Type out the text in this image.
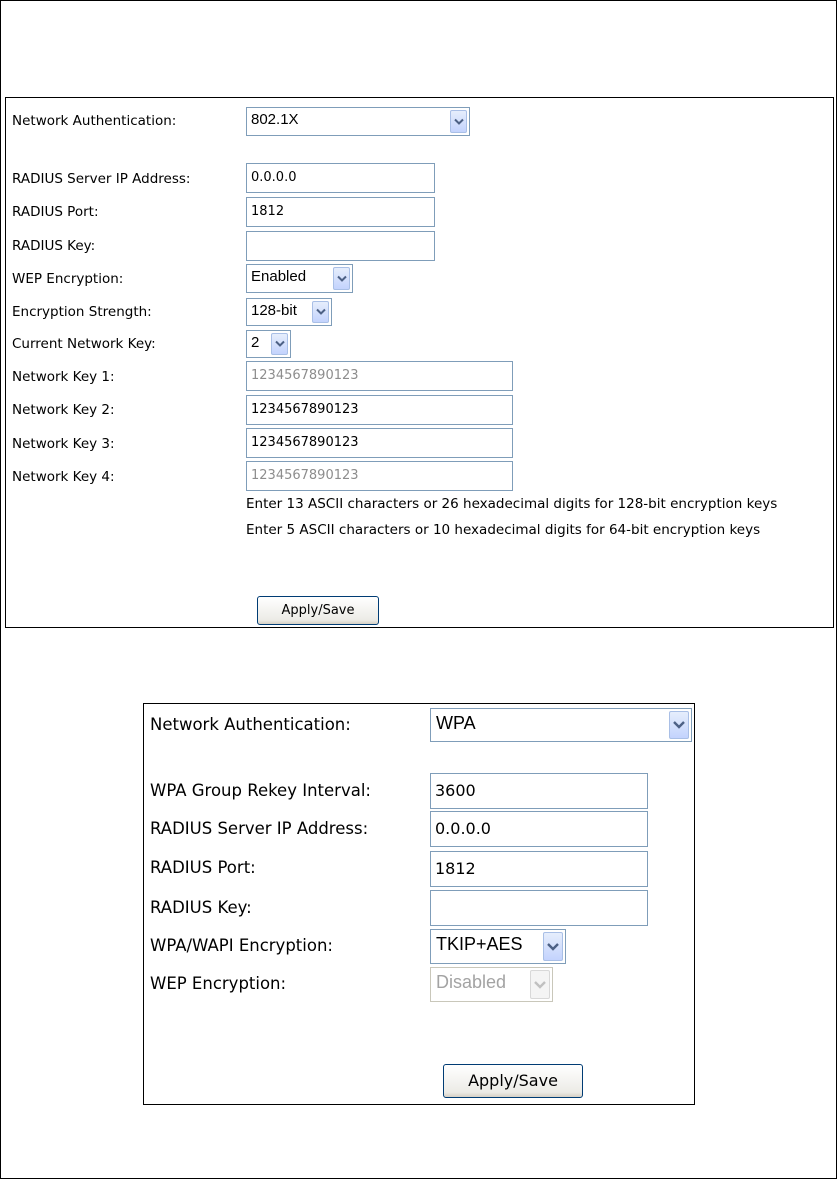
Network Authentication:	802.1X
RADIUS Server IP Address:	0.0.0.0
RADIUS Port:	1812
RADIUS Key:
WEP Encryption:	Enabled
Encryption Strength:	128-bit
Current Network Key:	2
Network Key 1:	1234567890123
Network Key 2:	1234567890123
Network Key 3:	1234567890123
Network Key 4:	1234567890123
Enter 13 ASCII characters or 26 hexadecimal digits for 128-bit encryption keys
Enter 5 ASCII characters or 10 hexadecimal digits for 64-bit encryption keys
Apply/Save
Network Authentication:	WPA
WPA Group Rekey Interval:	3600
RADIUS Server IP Address:	0.0.0.0
RADIUS Port:	1812
RADIUS Key:
WPA/WAPI Encryption:	TKIP+AES
WEP Encryption:	Disabled
Apply/Save
